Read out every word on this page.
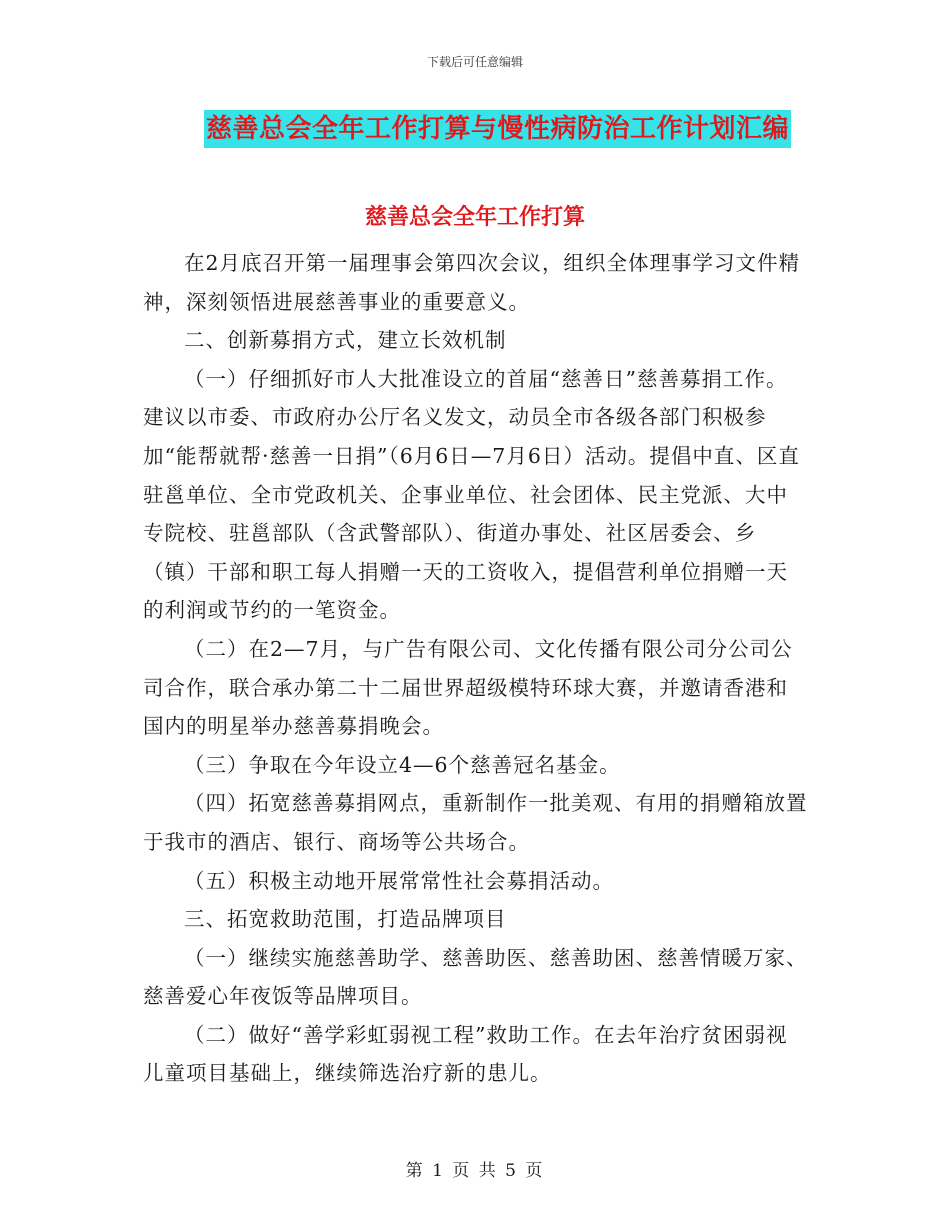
下载后可任意编辑
慈善总会全年工作打算与慢性病防治工作计划汇编
慈善总会全年工作打算

在2月底召开第一届理事会第四次会议，组织全体理事学习文件精神，深刻领悟进展慈善事业的重要意义。

二、创新募捐方式，建立长效机制

（一）仔细抓好市人大批准设立的首届“慈善日”慈善募捐工作。建议以市委、市政府办公厅名义发文，动员全市各级各部门积极参加“能帮就帮·慈善一日捐”（6月6日—7月6日）活动。提倡中直、区直驻邕单位、全市党政机关、企事业单位、社会团体、民主党派、大中专院校、驻邕部队（含武警部队）、街道办事处、社区居委会、乡（镇）干部和职工每人捐赠一天的工资收入，提倡营利单位捐赠一天的利润或节约的一笔资金。

（二）在2—7月，与广告有限公司、文化传播有限公司分公司公司合作，联合承办第二十二届世界超级模特环球大赛，并邀请香港和国内的明星举办慈善募捐晚会。

（三）争取在今年设立4—6个慈善冠名基金。

（四）拓宽慈善募捐网点，重新制作一批美观、有用的捐赠箱放置于我市的酒店、银行、商场等公共场合。

（五）积极主动地开展常常性社会募捐活动。

三、拓宽救助范围，打造品牌项目

（一）继续实施慈善助学、慈善助医、慈善助困、慈善情暖万家、慈善爱心年夜饭等品牌项目。

（二）做好“善学彩虹弱视工程”救助工作。在去年治疗贫困弱视儿童项目基础上，继续筛选治疗新的患儿。

第 1 页 共 5 页
